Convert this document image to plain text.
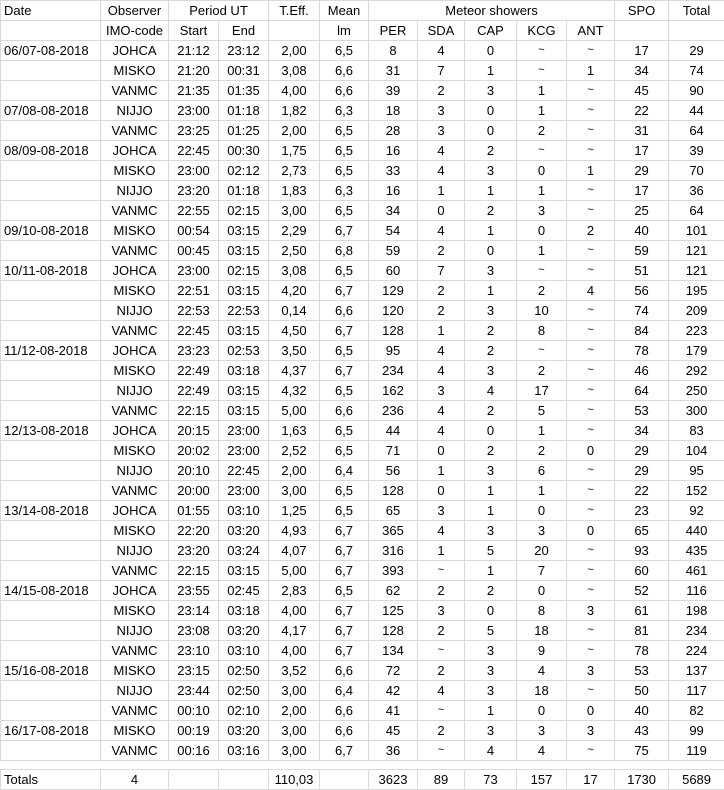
Date	Observer	Period UT		T.Eff.	Mean	Meteor showers					SPO	Total
	IMO-code	Start	End		lm	PER	SDA	CAP	KCG	ANT		
06/07-08-2018	JOHCA	21:12	23:12	2,00	6,5	8	4	0	~	~	17	29
	MISKO	21:20	00:31	3,08	6,6	31	7	1	~	1	34	74
	VANMC	21:35	01:35	4,00	6,6	39	2	3	1	~	45	90
07/08-08-2018	NIJJO	23:00	01:18	1,82	6,3	18	3	0	1	~	22	44
	VANMC	23:25	01:25	2,00	6,5	28	3	0	2	~	31	64
08/09-08-2018	JOHCA	22:45	00:30	1,75	6,5	16	4	2	~	~	17	39
	MISKO	23:00	02:12	2,73	6,5	33	4	3	0	1	29	70
	NIJJO	23:20	01:18	1,83	6,3	16	1	1	1	~	17	36
	VANMC	22:55	02:15	3,00	6,5	34	0	2	3	~	25	64
09/10-08-2018	MISKO	00:54	03:15	2,29	6,7	54	4	1	0	2	40	101
	VANMC	00:45	03:15	2,50	6,8	59	2	0	1	~	59	121
10/11-08-2018	JOHCA	23:00	02:15	3,08	6,5	60	7	3	~	~	51	121
	MISKO	22:51	03:15	4,20	6,7	129	2	1	2	4	56	195
	NIJJO	22:53	22:53	0,14	6,6	120	2	3	10	~	74	209
	VANMC	22:45	03:15	4,50	6,7	128	1	2	8	~	84	223
11/12-08-2018	JOHCA	23:23	02:53	3,50	6,5	95	4	2	~	~	78	179
	MISKO	22:49	03:18	4,37	6,7	234	4	3	2	~	46	292
	NIJJO	22:49	03:15	4,32	6,5	162	3	4	17	~	64	250
	VANMC	22:15	03:15	5,00	6,6	236	4	2	5	~	53	300
12/13-08-2018	JOHCA	20:15	23:00	1,63	6,5	44	4	0	1	~	34	83
	MISKO	20:02	23:00	2,52	6,5	71	0	2	2	0	29	104
	NIJJO	20:10	22:45	2,00	6,4	56	1	3	6	~	29	95
	VANMC	20:00	23:00	3,00	6,5	128	0	1	1	~	22	152
13/14-08-2018	JOHCA	01:55	03:10	1,25	6,5	65	3	1	0	~	23	92
	MISKO	22:20	03:20	4,93	6,7	365	4	3	3	0	65	440
	NIJJO	23:20	03:24	4,07	6,7	316	1	5	20	~	93	435
	VANMC	22:15	03:15	5,00	6,7	393	~	1	7	~	60	461
14/15-08-2018	JOHCA	23:55	02:45	2,83	6,5	62	2	2	0	~	52	116
	MISKO	23:14	03:18	4,00	6,7	125	3	0	8	3	61	198
	NIJJO	23:08	03:20	4,17	6,7	128	2	5	18	~	81	234
	VANMC	23:10	03:10	4,00	6,7	134	~	3	9	~	78	224
15/16-08-2018	MISKO	23:15	02:50	3,52	6,6	72	2	3	4	3	53	137
	NIJJO	23:44	02:50	3,00	6,4	42	4	3	18	~	50	117
	VANMC	00:10	02:10	2,00	6,6	41	~	1	0	0	40	82
16/17-08-2018	MISKO	00:19	03:20	3,00	6,6	45	2	3	3	3	43	99
	VANMC	00:16	03:16	3,00	6,7	36	~	4	4	~	75	119

Totals	4			110,03		3623	89	73	157	17	1730	5689
